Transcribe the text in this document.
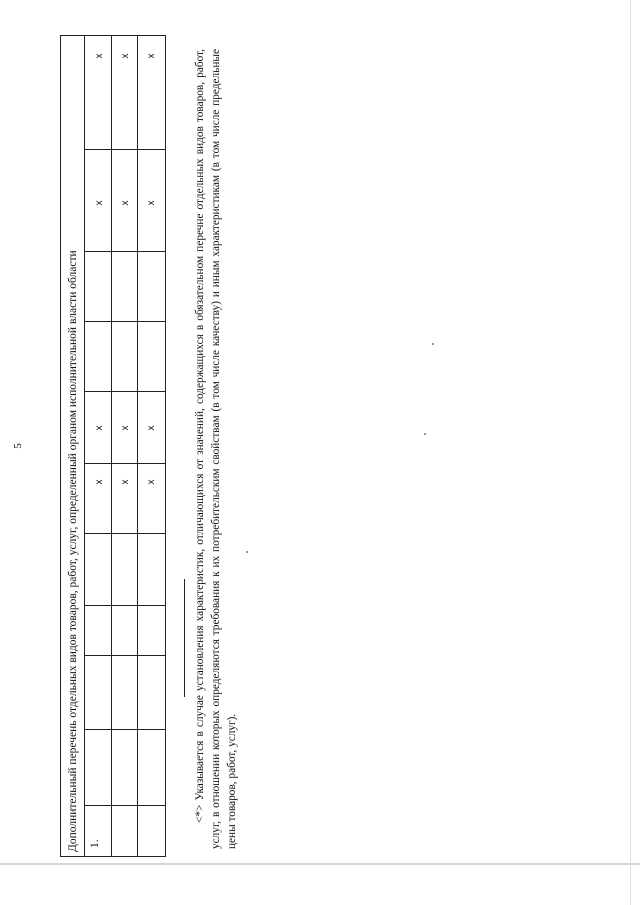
5	Дополнительный перечень отдельных видов товаров, работ, услуг, определенный органом исполнительной власти области 1.
x x x
x x x
x x x
x x x	<*> Указывается в случае установления характеристик, отличающихся от значений, содержащихся в обязательном перечне отдельных видов товаров, работ, услуг, в отношении которых определяются требования к их потребительским свойствам (в том числе качеству) и иным характеристикам (в том числе предельные цены товаров, работ, услуг).
